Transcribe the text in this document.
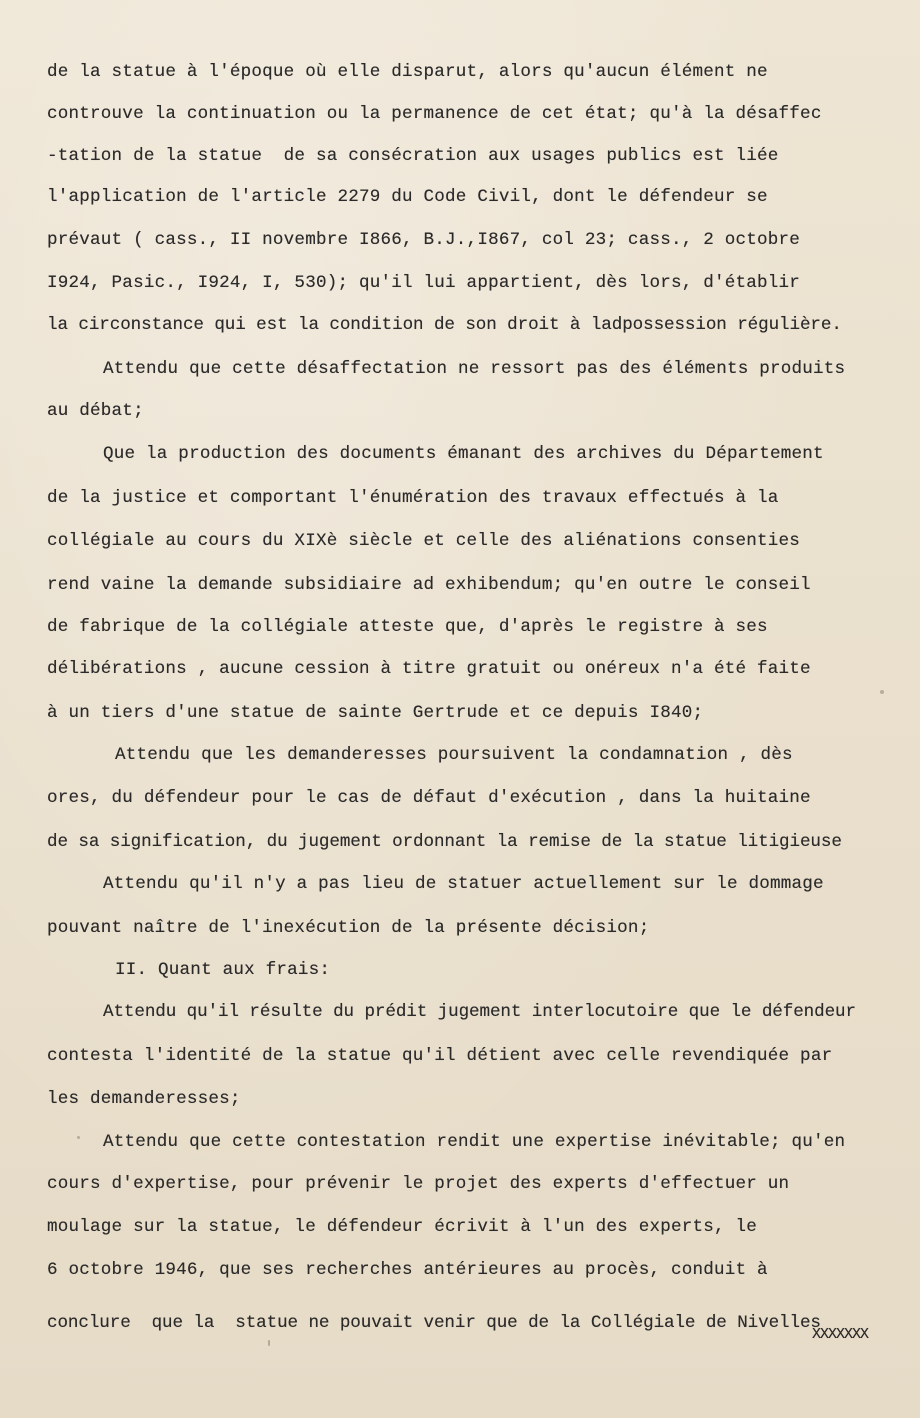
de la statue à l'époque où elle disparut, alors qu'aucun élément ne
controuve la continuation ou la permanence de cet état; qu'à la désaffec
-tation de la statue  de sa consécration aux usages publics est liée
l'application de l'article 2279 du Code Civil, dont le défendeur se
prévaut ( cass., II novembre I866, B.J.,I867, col 23; cass., 2 octobre
I924, Pasic., I924, I, 530); qu'il lui appartient, dès lors, d'établir
la circonstance qui est la condition de son droit à ladpossession régulière.
Attendu que cette désaffectation ne ressort pas des éléments produits
au débat;
Que la production des documents émanant des archives du Département
de la justice et comportant l'énumération des travaux effectués à la
collégiale au cours du XIXè siècle et celle des aliénations consenties
rend vaine la demande subsidiaire ad exhibendum; qu'en outre le conseil
de fabrique de la collégiale atteste que, d'après le registre à ses
délibérations , aucune cession à titre gratuit ou onéreux n'a été faite
à un tiers d'une statue de sainte Gertrude et ce depuis I840;
Attendu que les demanderesses poursuivent la condamnation , dès
ores, du défendeur pour le cas de défaut d'exécution , dans la huitaine
de sa signification, du jugement ordonnant la remise de la statue litigieuse
Attendu qu'il n'y a pas lieu de statuer actuellement sur le dommage
pouvant naître de l'inexécution de la présente décision;
II. Quant aux frais:
Attendu qu'il résulte du prédit jugement interlocutoire que le défendeur
contesta l'identité de la statue qu'il détient avec celle revendiquée par
les demanderesses;
Attendu que cette contestation rendit une expertise inévitable; qu'en
cours d'expertise, pour prévenir le projet des experts d'effectuer un
moulage sur la statue, le défendeur écrivit à l'un des experts, le
6 octobre 1946, que ses recherches antérieures au procès, conduit à
conclure  que la  statue ne pouvait venir que de la Collégiale de Nivelles
XXXXXXX
